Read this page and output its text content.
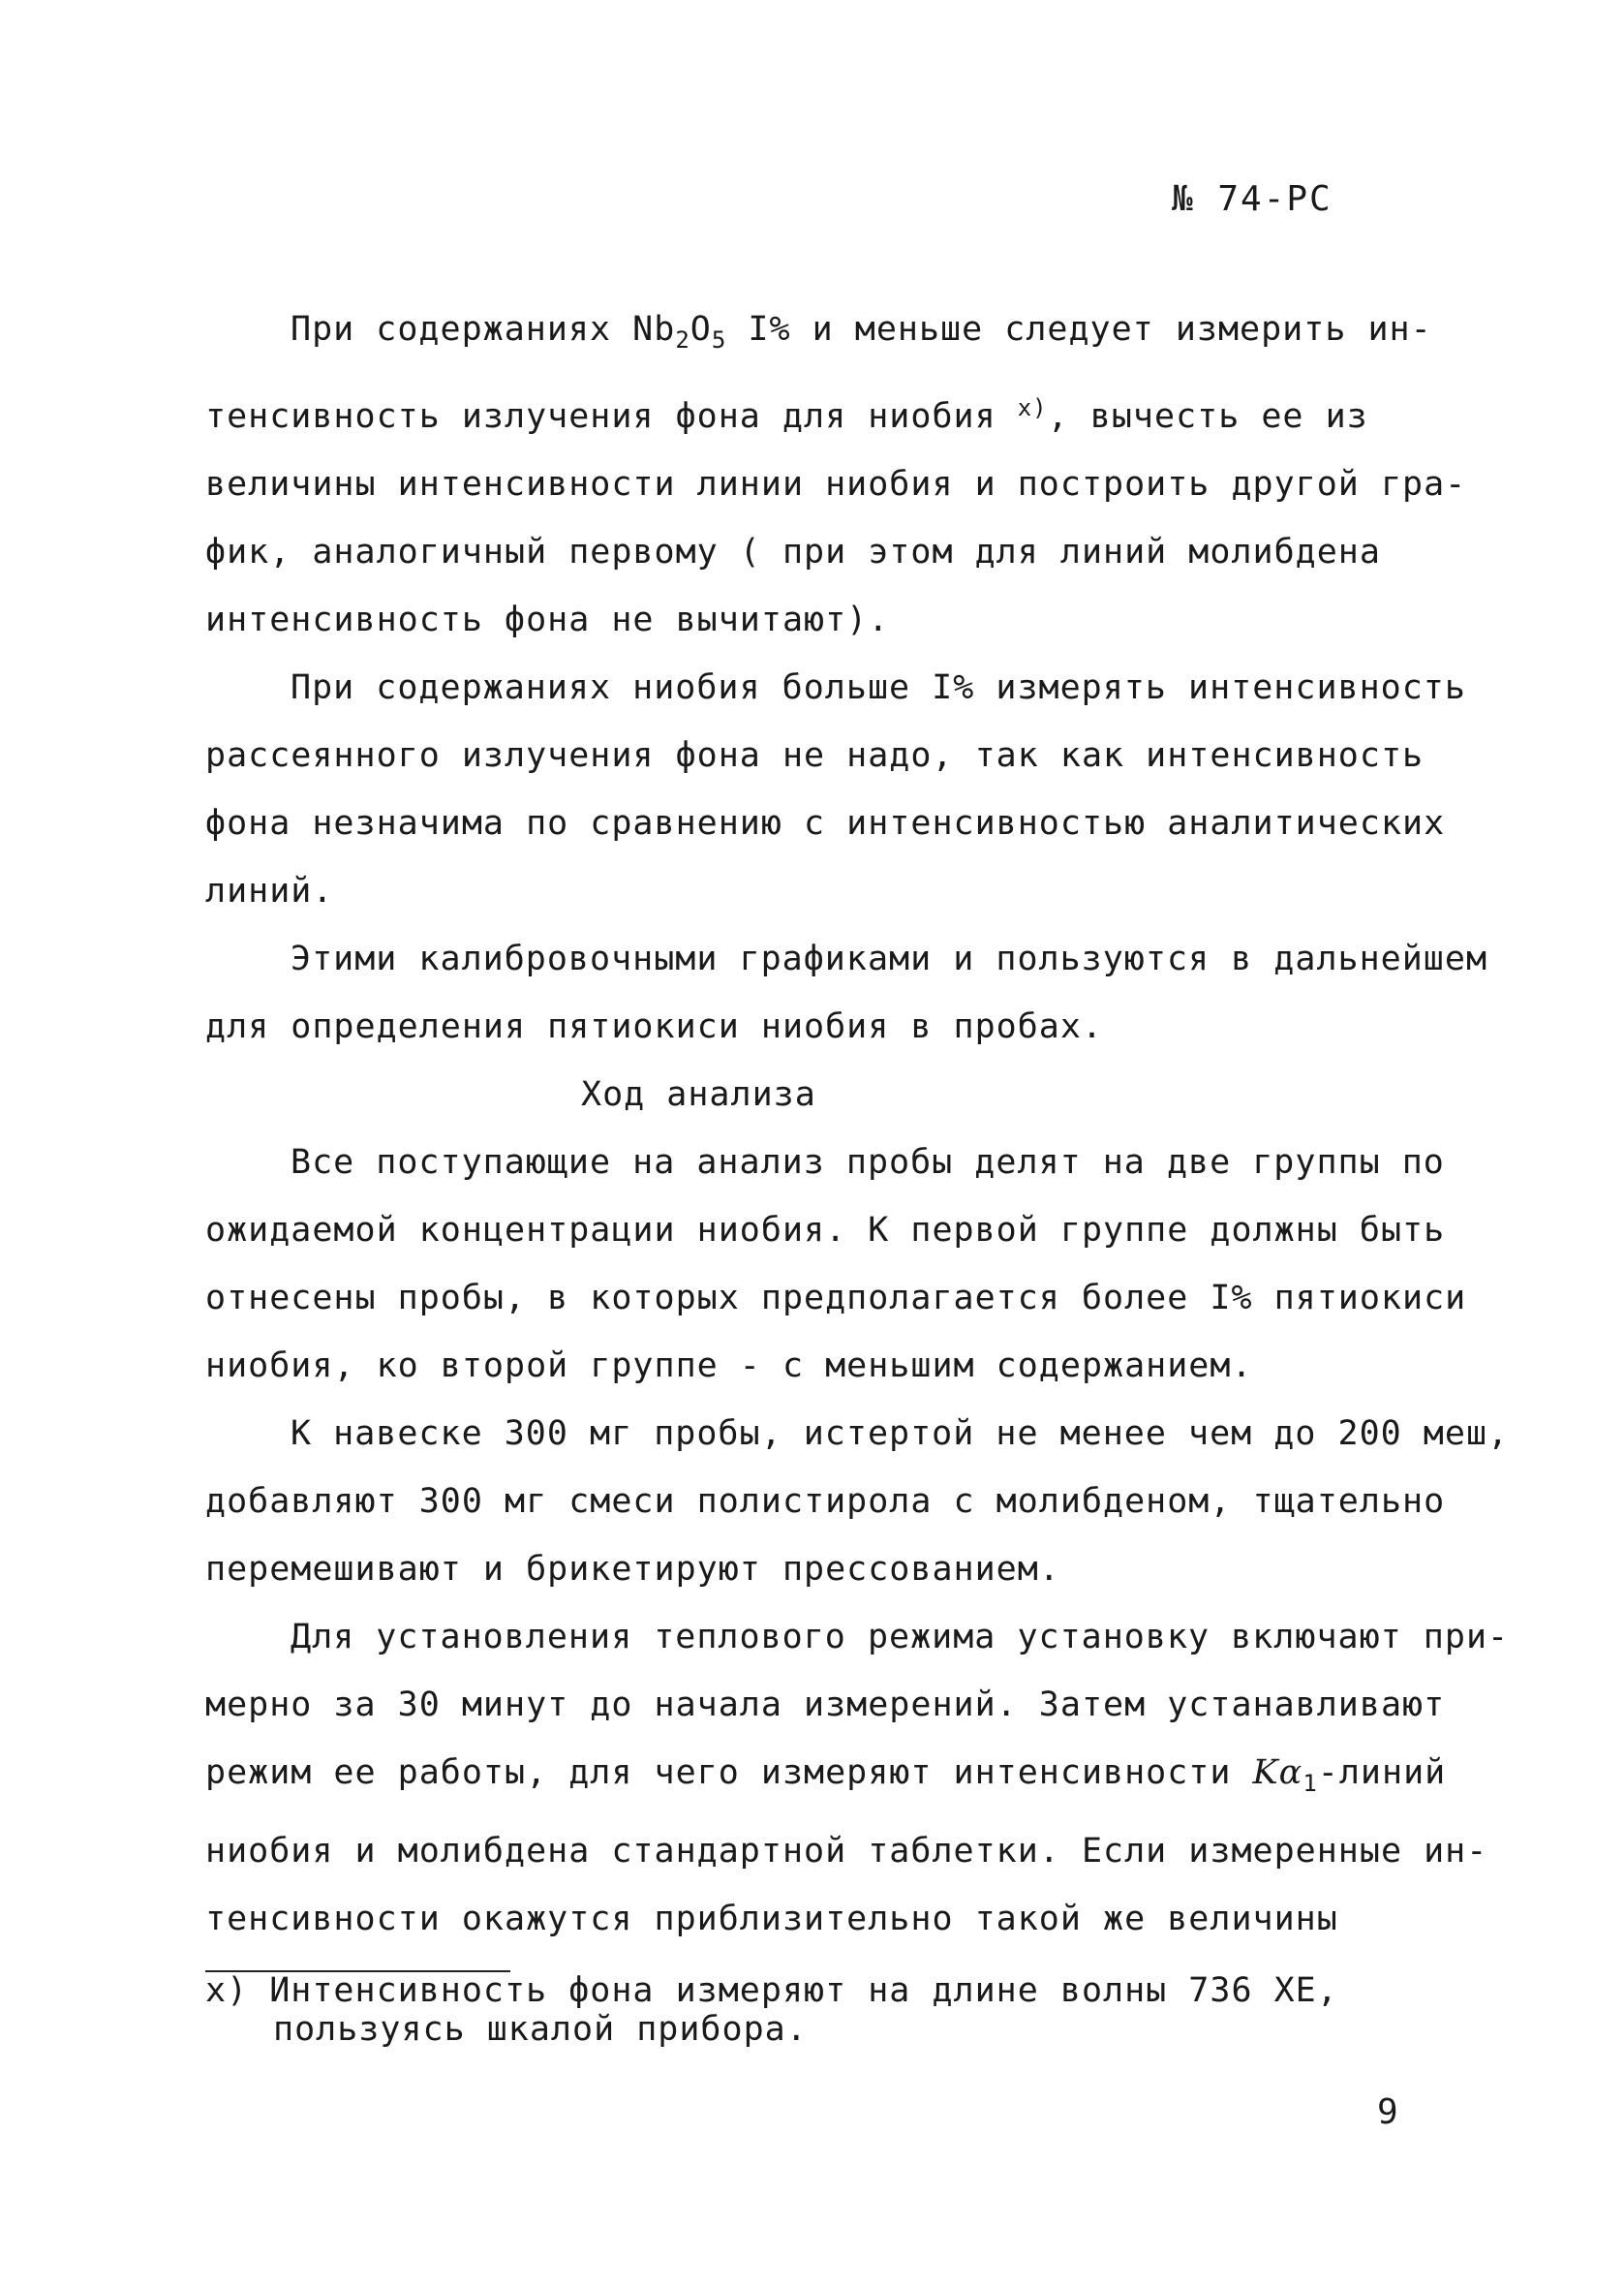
№ 74-РС

При содержаниях $Nb_2O_5$ I% и меньше следует измерить ин-

тенсивность излучения фона для ниобия $^{x)}$, вычесть ее из

величины интенсивности линии ниобия и построить другой гра-

фик, аналогичный первому ( при этом для линий молибдена

интенсивность фона не вычитают).

При содержаниях ниобия больше I% измерять интенсивность

рассеянного излучения фона не надо, так как интенсивность

фона незначима по сравнению с интенсивностью аналитических

линий.

Этими калибровочными графиками и пользуются в дальнейшем

для определения пятиокиси ниобия в пробах.

Ход анализа

Все поступающие на анализ пробы делят на две группы по

ожидаемой концентрации ниобия. К первой группе должны быть

отнесены пробы, в которых предполагается более I% пятиокиси

ниобия, ко второй группе - с меньшим содержанием.

К навеске 300 мг пробы, истертой не менее чем до 200 меш,

добавляют 300 мг смеси полистирола с молибденом, тщательно

перемешивают и брикетируют прессованием.

Для установления теплового режима установку включают при-

мерно за 30 минут до начала измерений. Затем устанавливают

режим ее работы, для чего измеряют интенсивности $K\alpha_1$-линий

ниобия и молибдена стандартной таблетки. Если измеренные ин-

тенсивности окажутся приблизительно такой же величины

x) Интенсивность фона измеряют на длине волны 736 ХЕ,

пользуясь шкалой прибора.

9
